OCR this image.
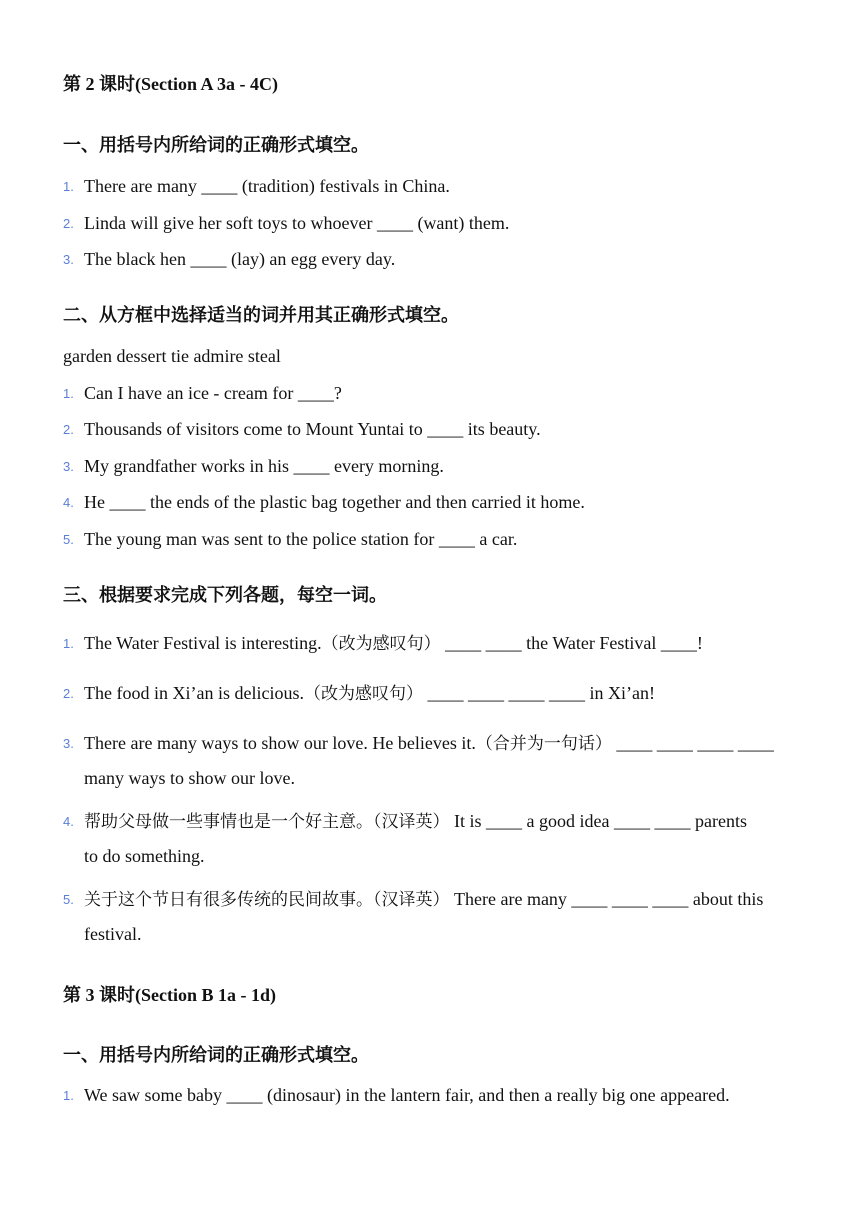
第 2 课时(Section A 3a - 4C)
一、用括号内所给词的正确形式填空。
1. There are many ____ (tradition) festivals in China.
2. Linda will give her soft toys to whoever ____ (want) them.
3. The black hen ____ (lay) an egg every day.
二、从方框中选择适当的词并用其正确形式填空。
garden dessert tie admire steal
1. Can I have an ice - cream for ____?
2. Thousands of visitors come to Mount Yuntai to ____ its beauty.
3. My grandfather works in his ____ every morning.
4. He ____ the ends of the plastic bag together and then carried it home.
5. The young man was sent to the police station for ____ a car.
三、根据要求完成下列各题，每空一词。
1. The Water Festival is interesting.（改为感叹句） ____ ____ the Water Festival ____!
2. The food in Xi’an is delicious.（改为感叹句） ____ ____ ____ ____ in Xi’an!
3. There are many ways to show our love. He believes it.（合并为一句话） ____ ____ ____ ____ many ways to show our love.
4. 帮助父母做一些事情也是一个好主意。（汉译英） It is ____ a good idea ____ ____ parents to do something.
5. 关于这个节日有很多传统的民间故事。（汉译英） There are many ____ ____ ____ about this festival.
第 3 课时(Section B 1a - 1d)
一、用括号内所给词的正确形式填空。
1. We saw some baby ____ (dinosaur) in the lantern fair, and then a really big one appeared.
